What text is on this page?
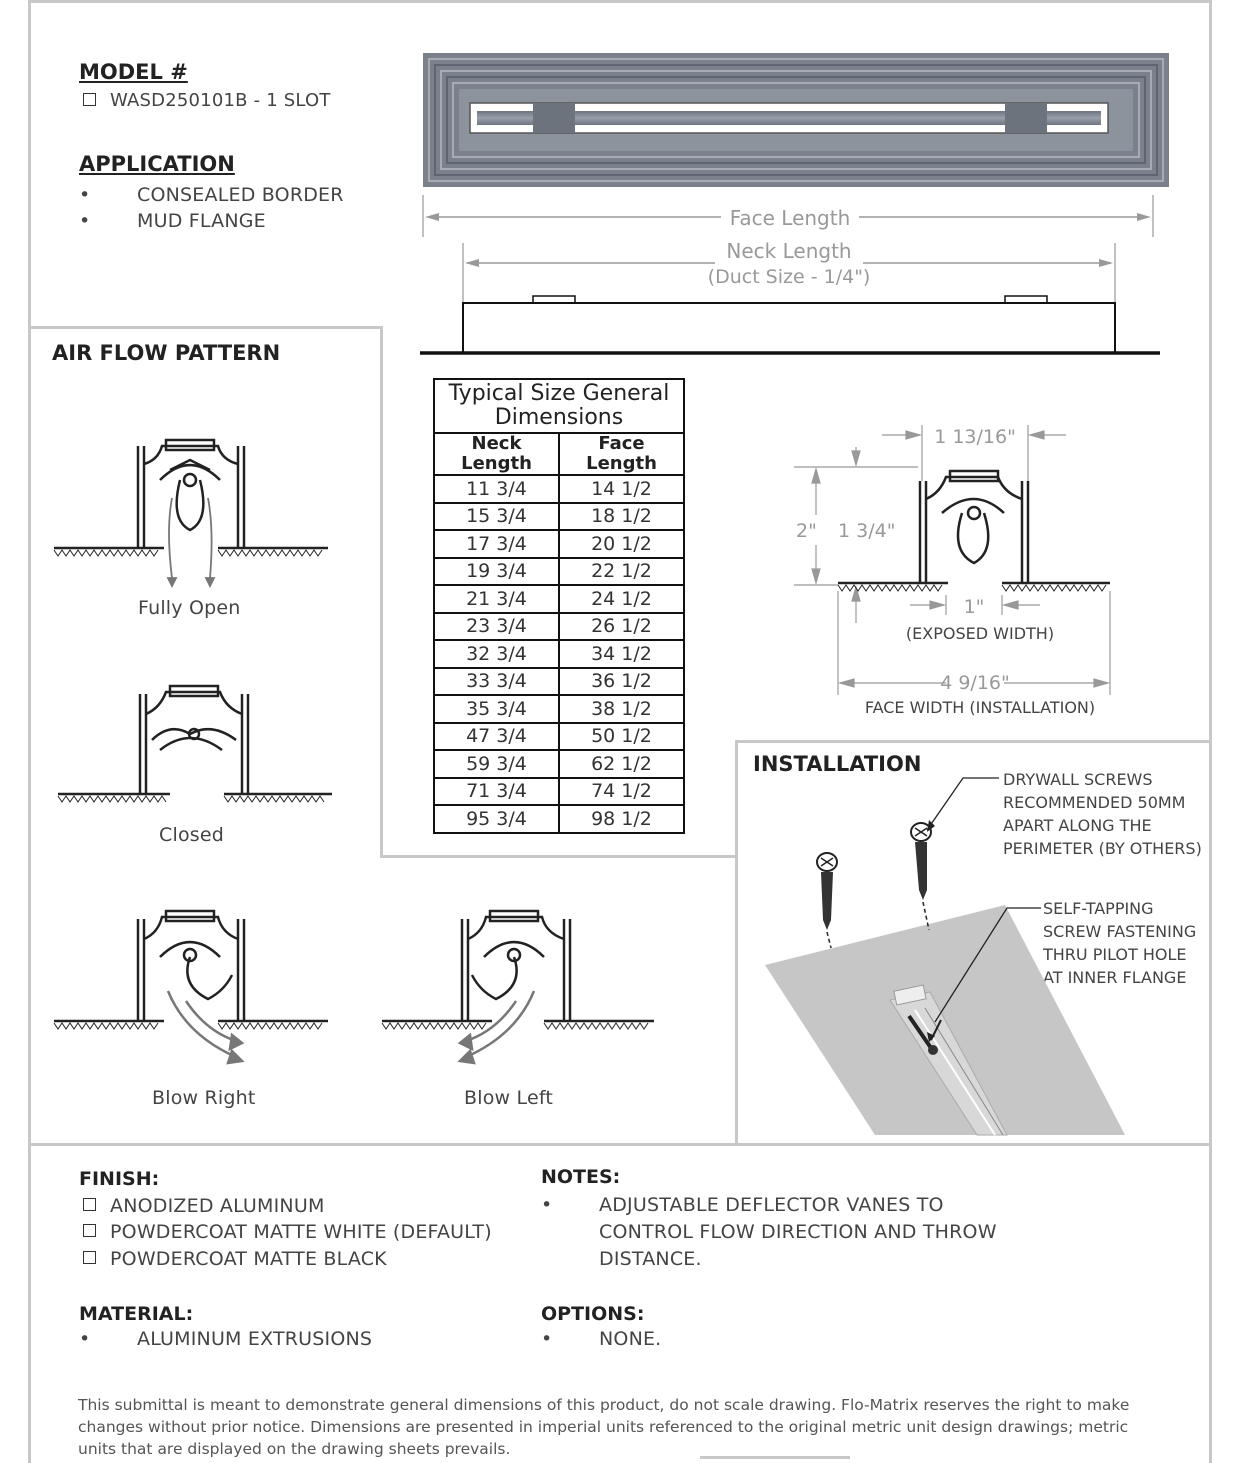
MODEL #
WASD250101B - 1 SLOT
APPLICATION
• CONSEALED BORDER
• MUD FLANGE	Face Length
Neck Length
(Duct Size - 1/4")
AIR FLOW PATTERN
Fully Open
Closed
Blow Right	Blow Left
Typical Size General
Dimensions	
Neck Length	Face Length
11 3/4	14 1/2
15 3/4	18 1/2
17 3/4	20 1/2
19 3/4	22 1/2
21 3/4	24 1/2
23 3/4	26 1/2
32 3/4	34 1/2
33 3/4	36 1/2
35 3/4	38 1/2
47 3/4	50 1/2
59 3/4	62 1/2
71 3/4	74 1/2
95 3/4	98 1/2
1 13/16"
2" 1 3/4"
1"
(EXPOSED WIDTH)
4 9/16"
FACE WIDTH (INSTALLATION)
INSTALLATION
DRYWALL SCREWS
RECOMMENDED 50MM
APART ALONG THE
PERIMETER (BY OTHERS)
SELF-TAPPING
SCREW FASTENING
THRU PILOT HOLE
AT INNER FLANGE
FINISH:
ANODIZED ALUMINUM
POWDERCOAT MATTE WHITE (DEFAULT)
POWDERCOAT MATTE BLACK
NOTES:
• ADJUSTABLE DEFLECTOR VANES TO
CONTROL FLOW DIRECTION AND THROW
DISTANCE.
MATERIAL:
• ALUMINUM EXTRUSIONS
OPTIONS:
• NONE.
This submittal is meant to demonstrate general dimensions of this product, do not scale drawing. Flo-Matrix reserves the right to make
changes without prior notice. Dimensions are presented in imperial units referenced to the original metric unit design drawings; metric
units that are displayed on the drawing sheets prevails.
